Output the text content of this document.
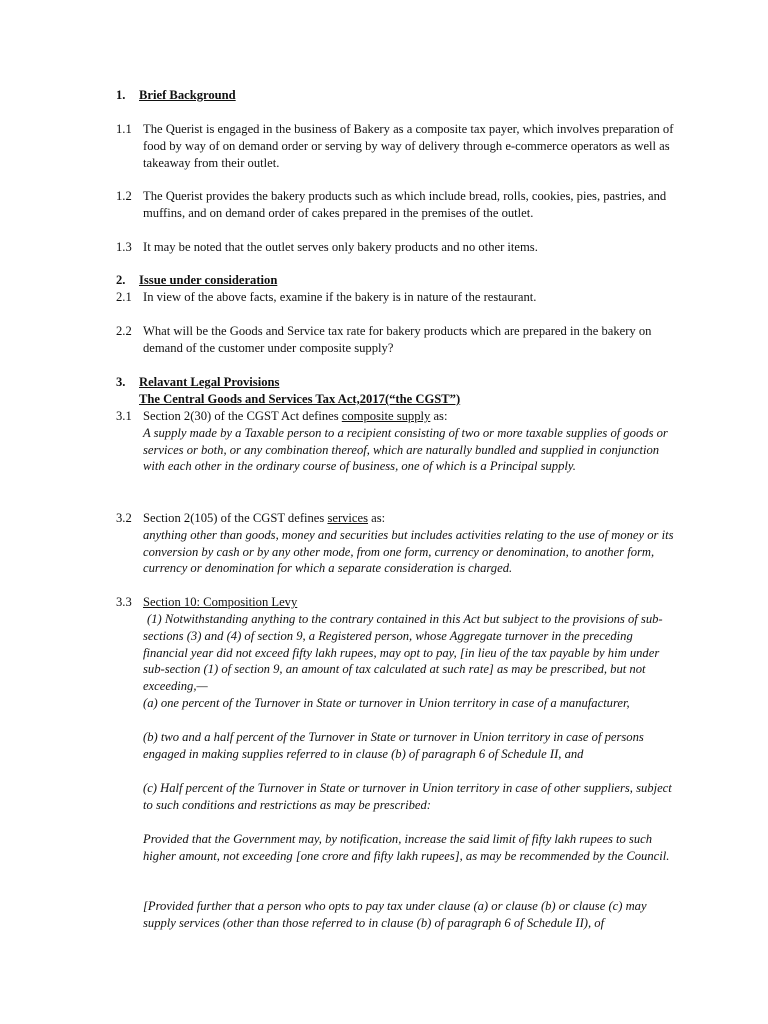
1. Brief Background
1.1 The Querist is engaged in the business of Bakery as a composite tax payer, which involves preparation of food by way of on demand order or serving by way of delivery through e-commerce operators as well as takeaway from their outlet.
1.2 The Querist provides the bakery products such as which include bread, rolls, cookies, pies, pastries, and muffins, and on demand order of cakes prepared in the premises of the outlet.
1.3 It may be noted that the outlet serves only bakery products and no other items.
2. Issue under consideration
2.1 In view of the above facts, examine if the bakery is in nature of the restaurant.
2.2 What will be the Goods and Service tax rate for bakery products which are prepared in the bakery on demand of the customer under composite supply?
3. Relavant Legal Provisions
The Central Goods and Services Tax Act,2017(“the CGST”)
3.1 Section 2(30) of the CGST Act defines composite supply as:
A supply made by a Taxable person to a recipient consisting of two or more taxable supplies of goods or services or both, or any combination thereof, which are naturally bundled and supplied in conjunction with each other in the ordinary course of business, one of which is a Principal supply.
3.2 Section 2(105) of the CGST defines services as:
anything other than goods, money and securities but includes activities relating to the use of money or its conversion by cash or by any other mode, from one form, currency or denomination, to another form, currency or denomination for which a separate consideration is charged.
3.3 Section 10: Composition Levy
(1) Notwithstanding anything to the contrary contained in this Act but subject to the provisions of sub-sections (3) and (4) of section 9, a Registered person, whose Aggregate turnover in the preceding financial year did not exceed fifty lakh rupees, may opt to pay, [in lieu of the tax payable by him under sub-section (1) of section 9, an amount of tax calculated at such rate] as may be prescribed, but not exceeding,—
(a) one percent of the Turnover in State or turnover in Union territory in case of a manufacturer,
(b) two and a half percent of the Turnover in State or turnover in Union territory in case of persons engaged in making supplies referred to in clause (b) of paragraph 6 of Schedule II, and
(c) Half percent of the Turnover in State or turnover in Union territory in case of other suppliers, subject to such conditions and restrictions as may be prescribed:
Provided that the Government may, by notification, increase the said limit of fifty lakh rupees to such higher amount, not exceeding [one crore and fifty lakh rupees], as may be recommended by the Council.
[Provided further that a person who opts to pay tax under clause (a) or clause (b) or clause (c) may supply services (other than those referred to in clause (b) of paragraph 6 of Schedule II), of
